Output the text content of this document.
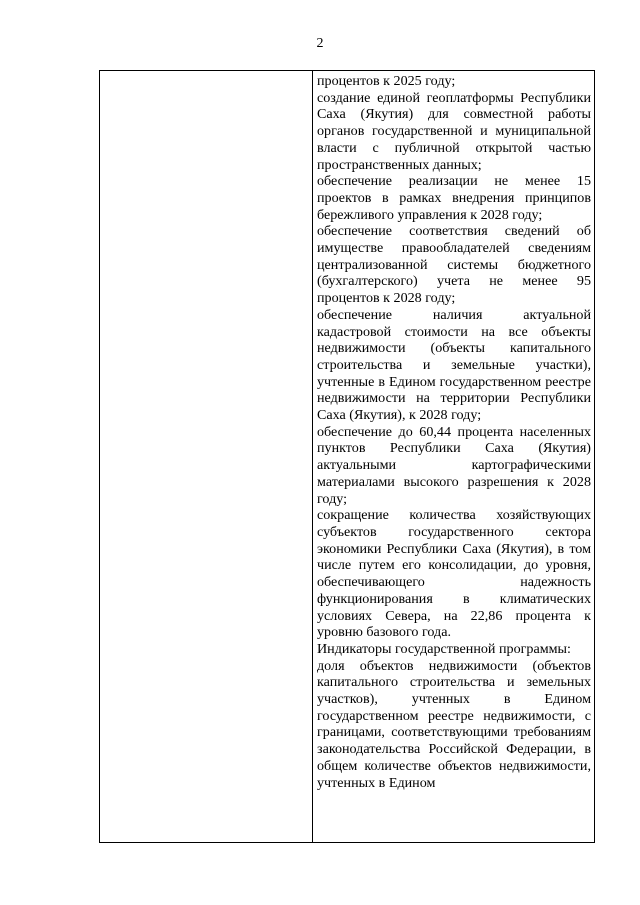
2

процентов к 2025 году;

создание единой геоплатформы Республики Саха (Якутия) для совместной работы органов государственной и муниципальной власти с публичной открытой частью пространственных данных;

обеспечение реализации не менее 15 проектов в рамках внедрения принципов бережливого управления к 2028 году;

обеспечение соответствия сведений об имуществе правообладателей сведениям централизованной системы бюджетного (бухгалтерского) учета не менее 95 процентов к 2028 году;

обеспечение наличия актуальной кадастровой стоимости на все объекты недвижимости (объекты капитального строительства и земельные участки), учтенные в Едином государственном реестре недвижимости на территории Республики Саха (Якутия), к 2028 году;

обеспечение до 60,44 процента населенных пунктов Республики Саха (Якутия) актуальными картографическими материалами высокого разрешения к 2028 году;

сокращение количества хозяйствующих субъектов государственного сектора экономики Республики Саха (Якутия), в том числе путем его консолидации, до уровня, обеспечивающего надежность функционирования в климатических условиях Севера, на 22,86 процента к уровню базового года.

Индикаторы государственной программы:

доля объектов недвижимости (объектов капитального строительства и земельных участков), учтенных в Едином государственном реестре недвижимости, с границами, соответствующими требованиям законодательства Российской Федерации, в общем количестве объектов недвижимости, учтенных в Едином
